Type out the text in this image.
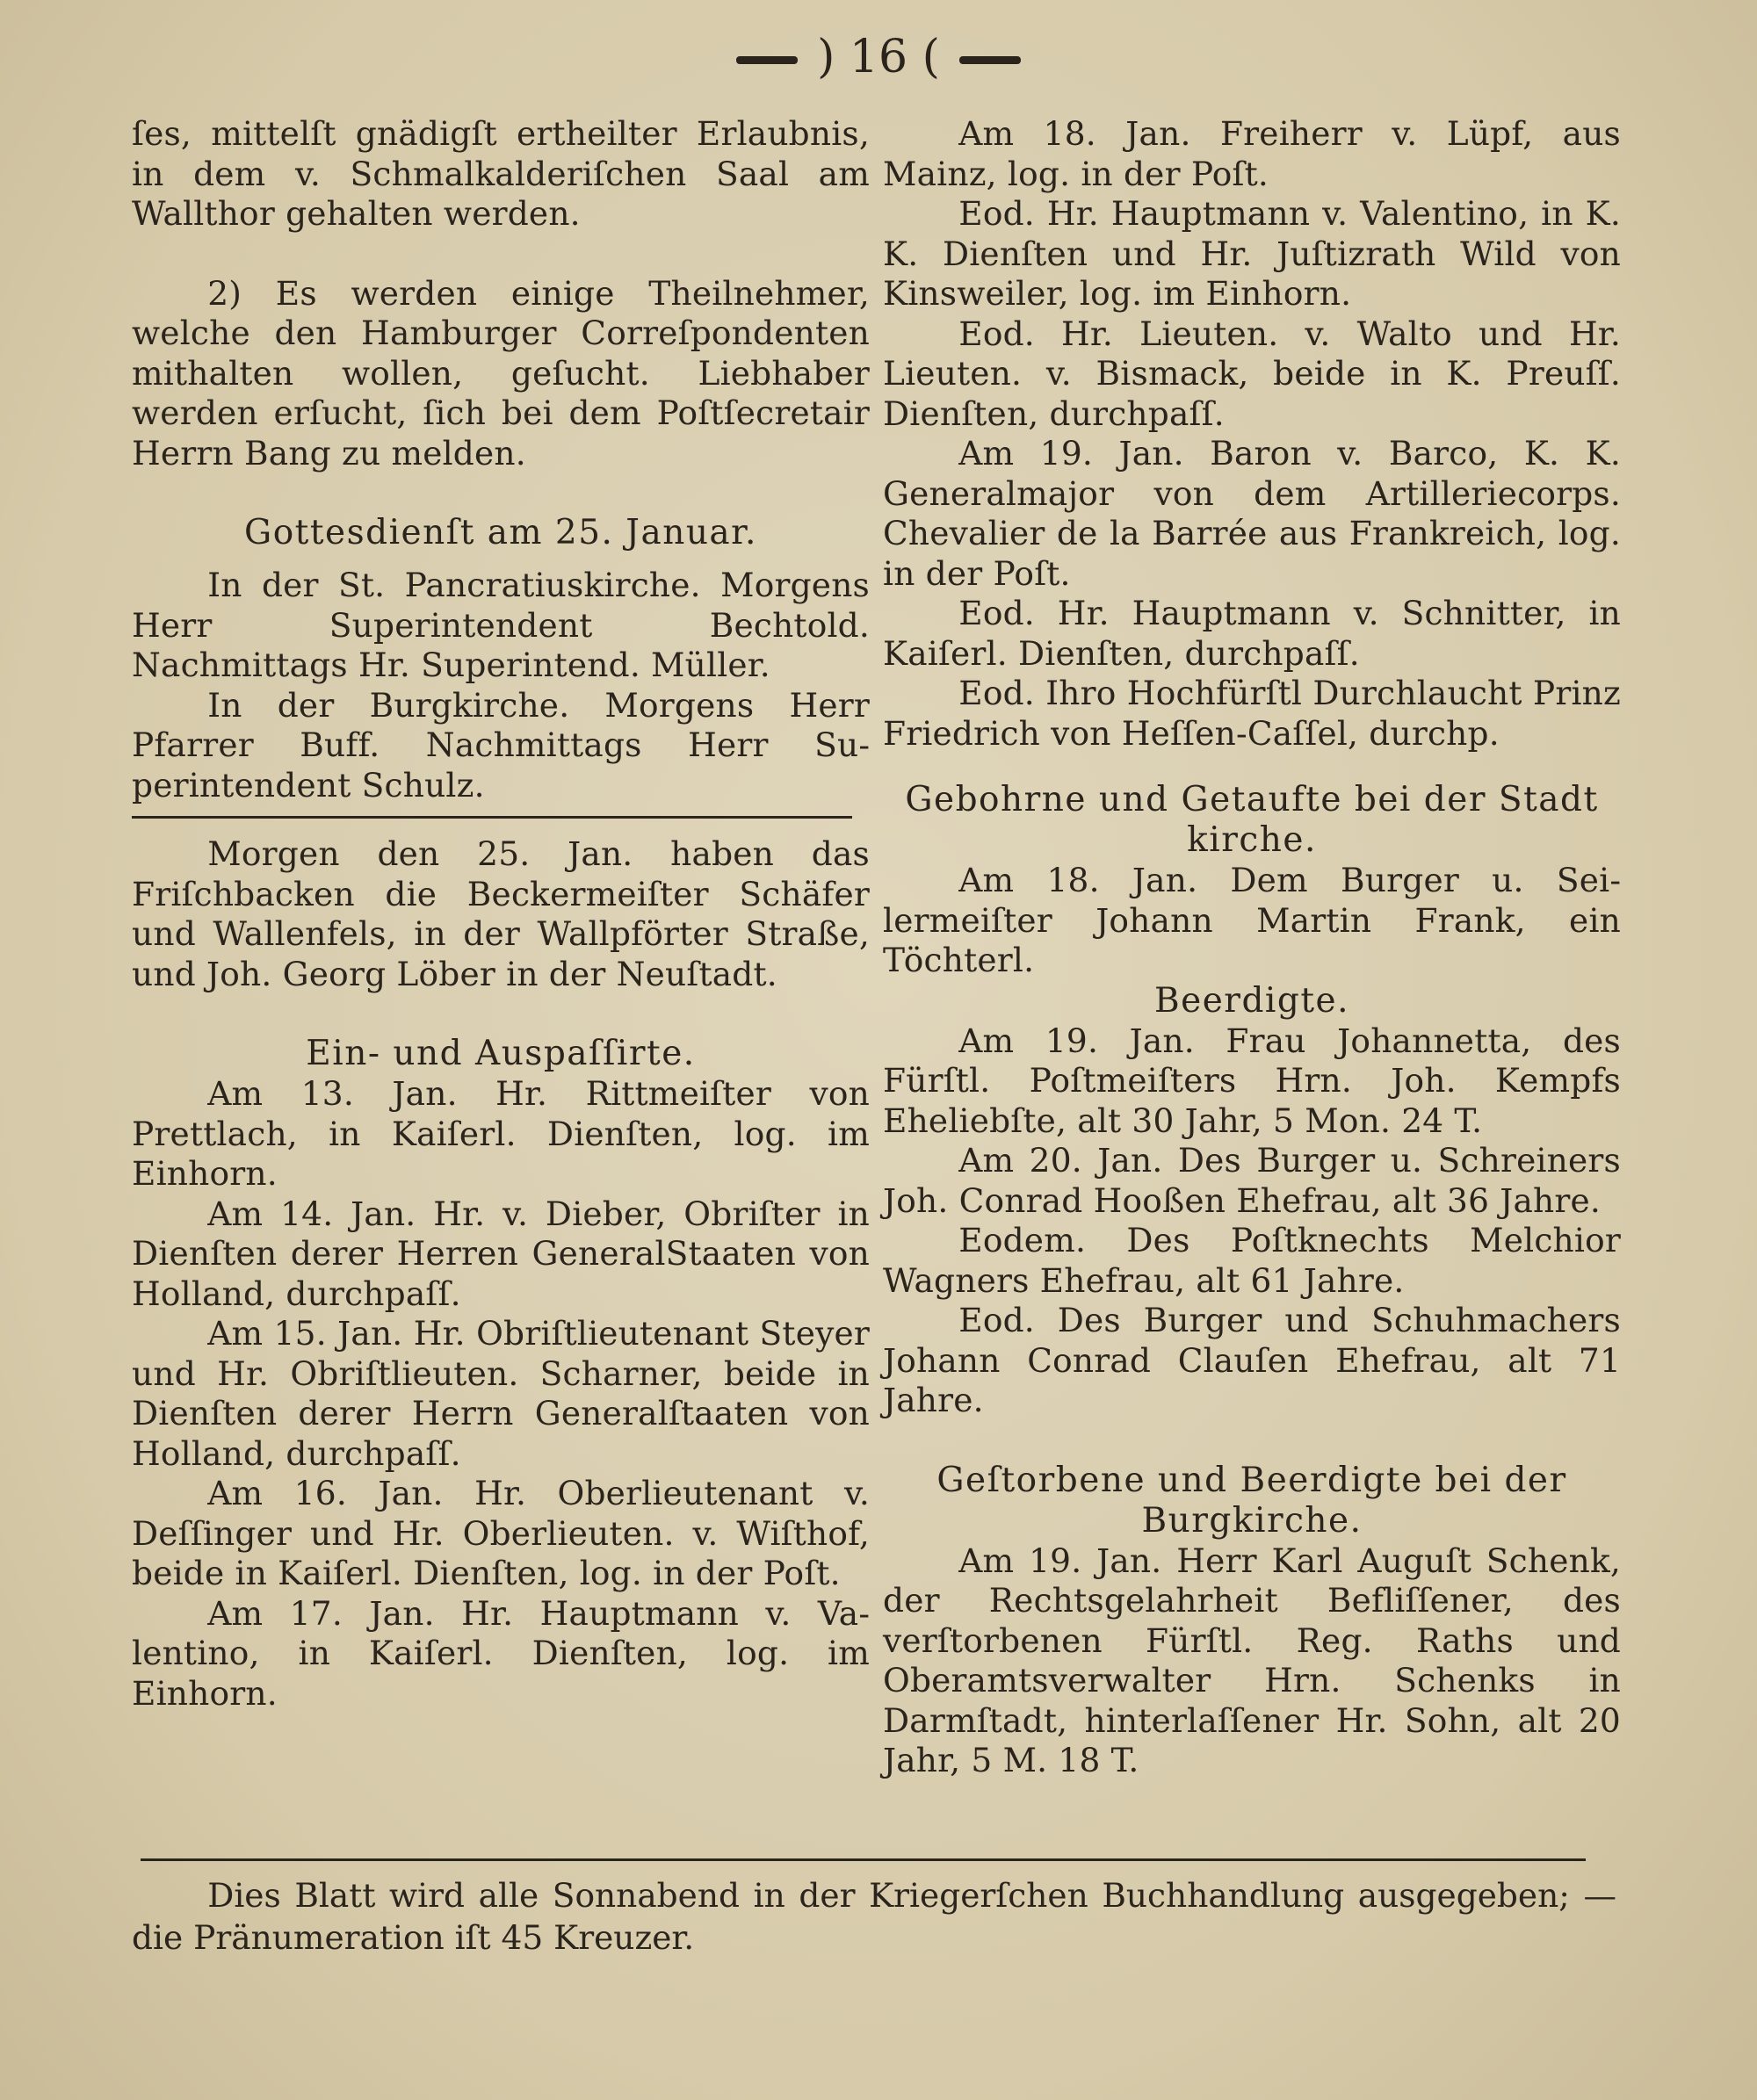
) 16 (

ſes, mittelſt gnädigſt ertheilter Erlaubnis, in dem v. Schmalkalderiſchen Saal am Wallthor gehalten werden.

2) Es werden einige Theilnehmer, welche den Hamburger Correſpondenten mithalten wollen, geſucht. Liebhaber werden erſucht, ſich bei dem Poſtſecretair Herrn Bang zu melden.

Gottesdienſt am 25. Januar.

In der St. Pancratiuskirche. Morgens Herr Superintendent Bechtold. Nachmittags Hr. Superintend. Müller.

In der Burgkirche. Morgens Herr Pfarrer Buff. Nachmittags Herr Superintendent Schulz.

Morgen den 25. Jan. haben das Friſchbacken die Beckermeiſter Schäfer und Wallenfels, in der Wallpförter Straße, und Joh. Georg Löber in der Neuſtadt.

Ein- und Auspaſſirte.

Am 13. Jan. Hr. Rittmeiſter von Prettlach, in Kaiſerl. Dienſten, log. im Einhorn.

Am 14. Jan. Hr. v. Dieber, Obriſter in Dienſten derer Herren GeneralStaaten von Holland, durchpaſſ.

Am 15. Jan. Hr. Obriſtlieutenant Steyer und Hr. Obriſtlieuten. Scharner, beide in Dienſten derer Herrn Generalſtaaten von Holland, durchpaſſ.

Am 16. Jan. Hr. Oberlieutenant v. Deſſinger und Hr. Oberlieuten. v. Wiſthof, beide in Kaiſerl. Dienſten, log. in der Poſt.

Am 17. Jan. Hr. Hauptmann v. Valentino, in Kaiſerl. Dienſten, log. im Einhorn.

Am 18. Jan. Freiherr v. Lüpf, aus Mainz, log. in der Poſt.

Eod. Hr. Hauptmann v. Valentino, in K. K. Dienſten und Hr. Juſtizrath Wild von Kinsweiler, log. im Einhorn.

Eod. Hr. Lieuten. v. Walto und Hr. Lieuten. v. Bismack, beide in K. Preuſſ. Dienſten, durchpaſſ.

Am 19. Jan. Baron v. Barco, K. K. Generalmajor von dem Artilleriecorps. Chevalier de la Barrée aus Frankreich, log. in der Poſt.

Eod. Hr. Hauptmann v. Schnitter, in Kaiſerl. Dienſten, durchpaſſ.

Eod. Ihro Hochfürſtl Durchlaucht Prinz Friedrich von Heſſen-Caſſel, durchp.

Gebohrne und Getaufte bei der Stadt
kirche.

Am 18. Jan. Dem Burger u. Seilermeiſter Johann Martin Frank, ein Töchterl.

Beerdigte.

Am 19. Jan. Frau Johannetta, des Fürſtl. Poſtmeiſters Hrn. Joh. Kempfs Eheliebſte, alt 30 Jahr, 5 Mon. 24 T.

Am 20. Jan. Des Burger u. Schreiners Joh. Conrad Hooßen Ehefrau, alt 36 Jahre.

Eodem. Des Poſtknechts Melchior Wagners Ehefrau, alt 61 Jahre.

Eod. Des Burger und Schuhmachers Johann Conrad Clauſen Ehefrau, alt 71 Jahre.

Geſtorbene und Beerdigte bei der
Burgkirche.

Am 19. Jan. Herr Karl Auguſt Schenk, der Rechtsgelahrheit Befliſſener, des verſtorbenen Fürſtl. Reg. Raths und Oberamtsverwalter Hrn. Schenks in Darmſtadt, hinterlaſſener Hr. Sohn, alt 20 Jahr, 5 M. 18 T.

Dies Blatt wird alle Sonnabend in der Kriegerſchen Buchhandlung ausgegeben; — die Pränumeration iſt 45 Kreuzer.
